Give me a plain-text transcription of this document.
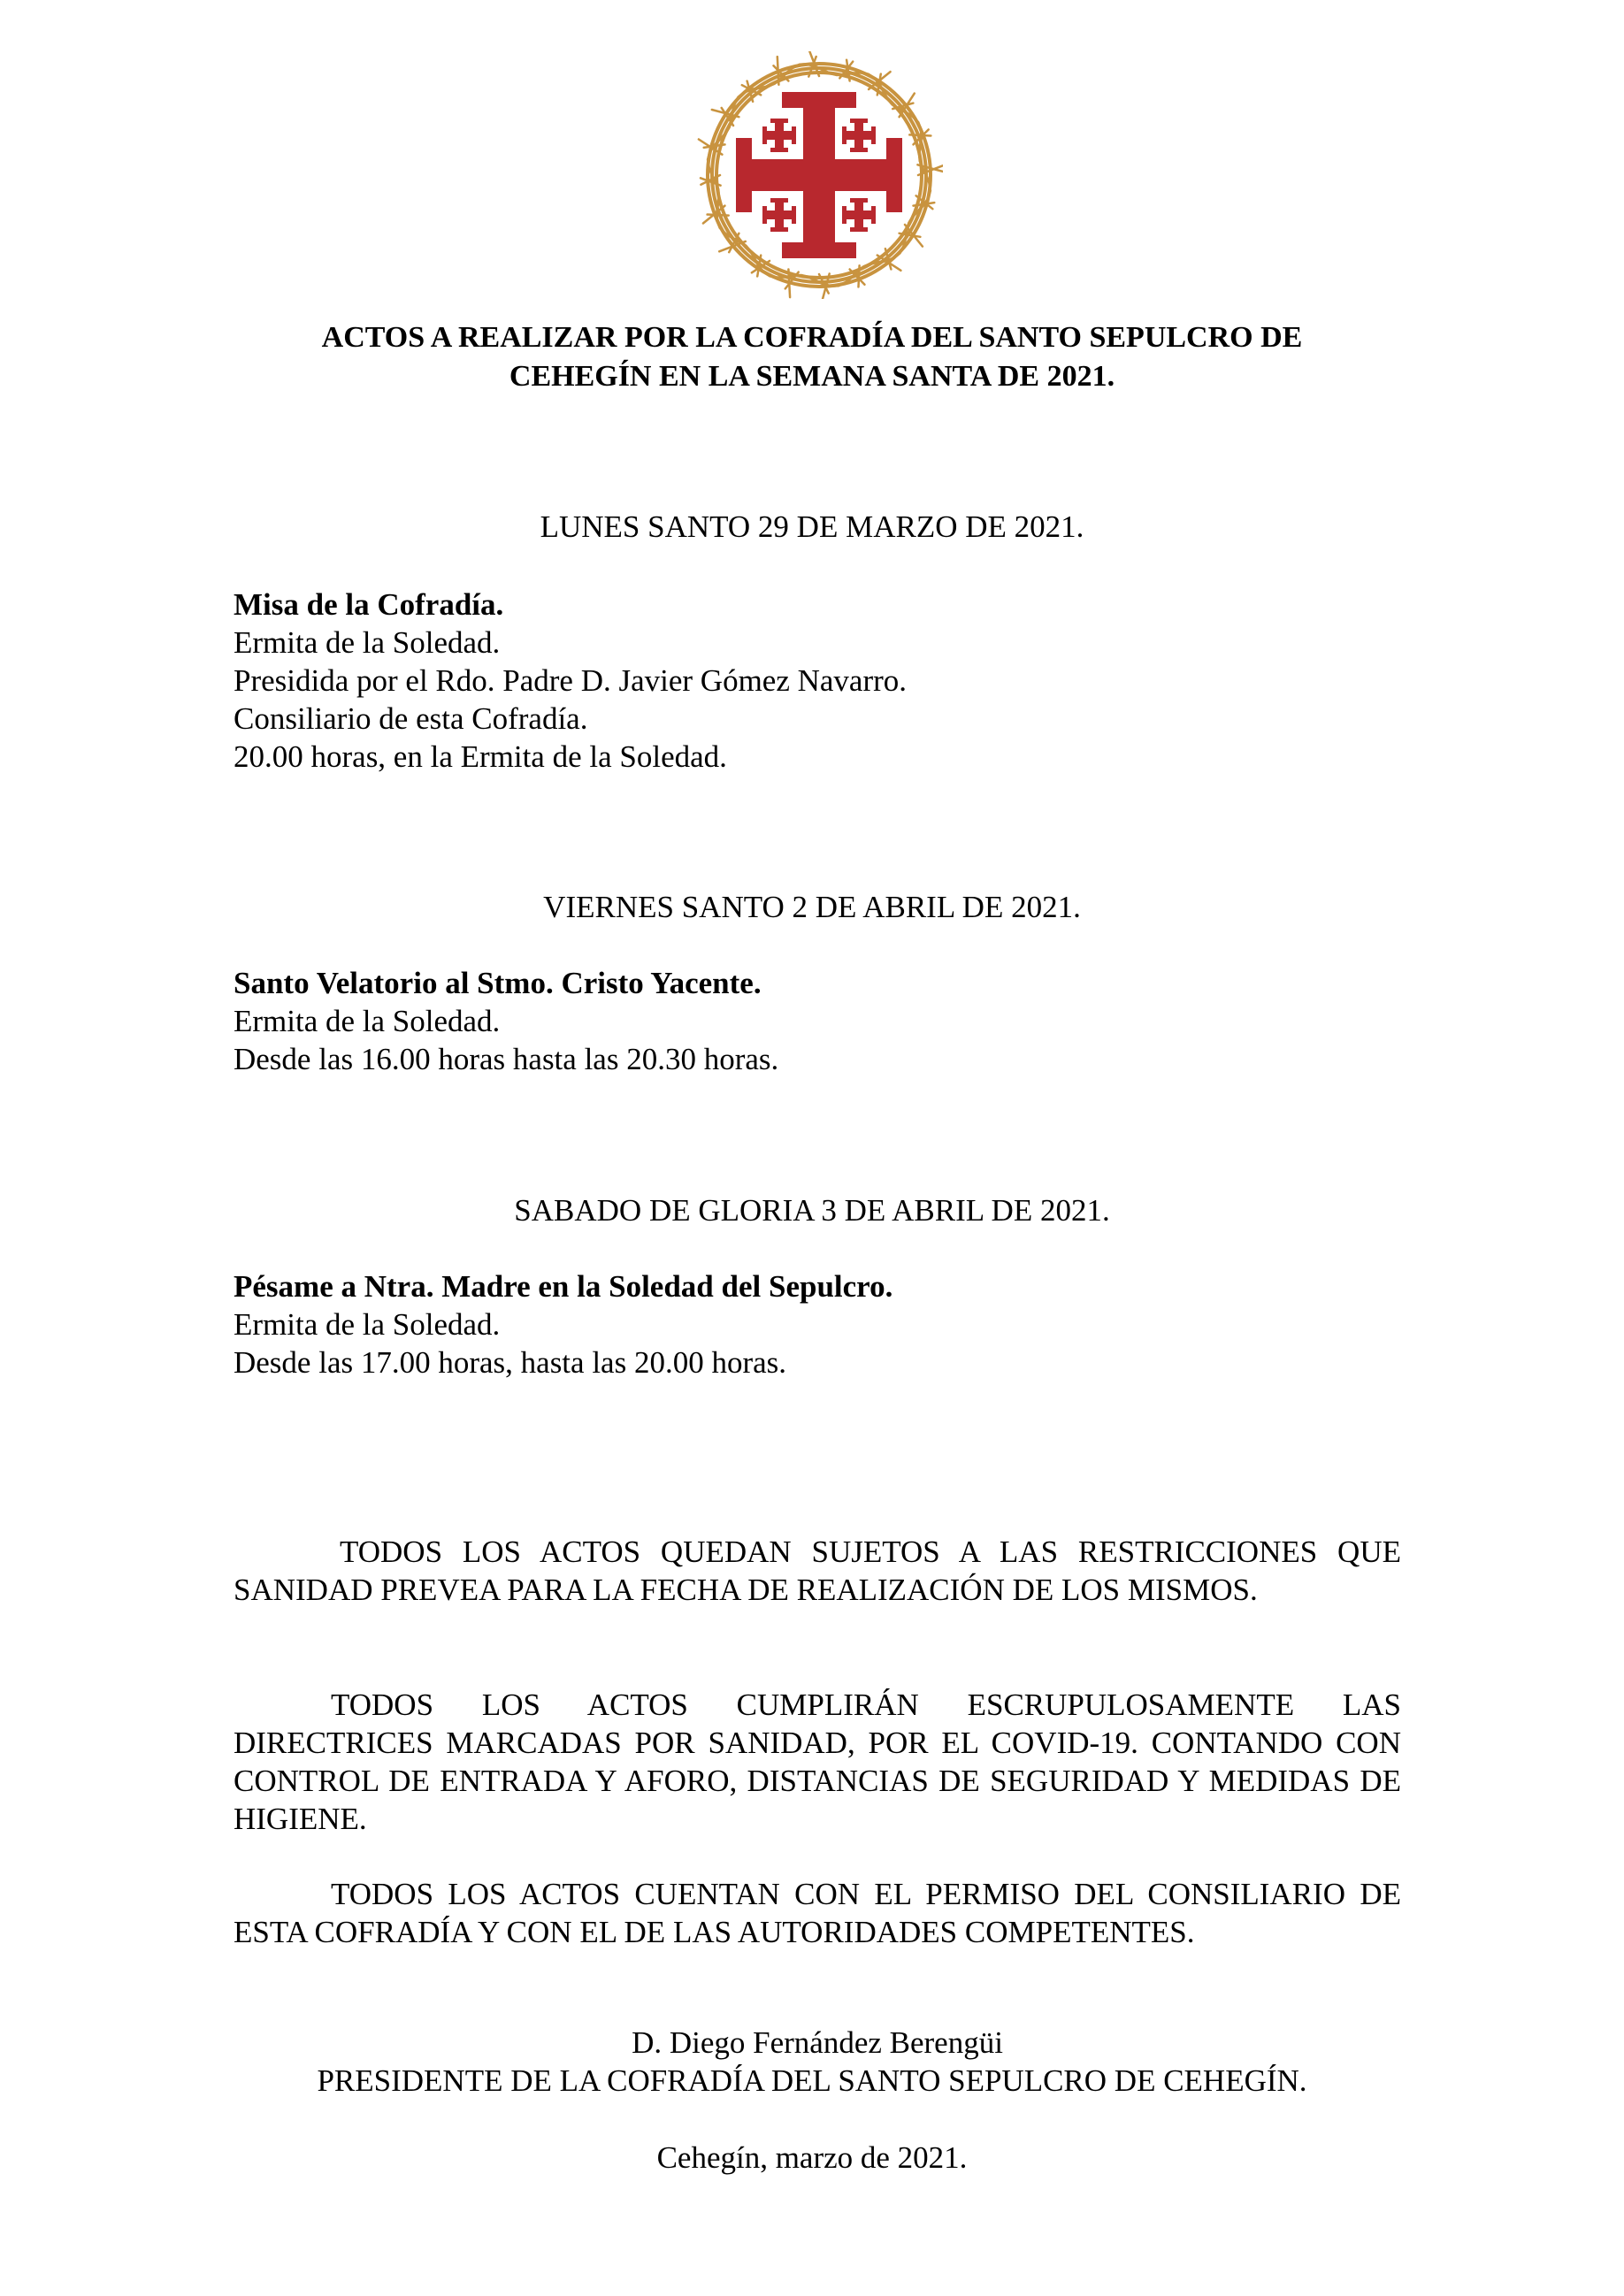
ACTOS A REALIZAR POR LA COFRADÍA DEL SANTO SEPULCRO DE
CEHEGÍN EN LA SEMANA SANTA DE 2021.

LUNES SANTO 29 DE MARZO DE 2021.

Misa de la Cofradía.
Ermita de la Soledad.
Presidida por el Rdo. Padre D. Javier Gómez Navarro.
Consiliario de esta Cofradía.
20.00 horas, en la Ermita de la Soledad.

VIERNES SANTO 2 DE ABRIL DE 2021.

Santo Velatorio al Stmo. Cristo Yacente.
Ermita de la Soledad.
Desde las 16.00 horas hasta las 20.30 horas.

SABADO DE GLORIA 3 DE ABRIL DE 2021.

Pésame a Ntra. Madre en la Soledad del Sepulcro.
Ermita de la Soledad.
Desde las 17.00 horas, hasta las 20.00 horas.

TODOS LOS ACTOS QUEDAN SUJETOS A LAS RESTRICCIONES QUE SANIDAD PREVEA PARA LA FECHA DE REALIZACIÓN DE LOS MISMOS.

TODOS LOS ACTOS CUMPLIRÁN ESCRUPULOSAMENTE LAS DIRECTRICES MARCADAS POR SANIDAD, POR EL COVID-19. CONTANDO CON CONTROL DE ENTRADA Y AFORO, DISTANCIAS DE SEGURIDAD Y MEDIDAS DE HIGIENE.

TODOS LOS ACTOS CUENTAN CON EL PERMISO DEL CONSILIARIO DE ESTA COFRADÍA Y CON EL DE LAS AUTORIDADES COMPETENTES.

D. Diego Fernández Berengüi
PRESIDENTE DE LA COFRADÍA DEL SANTO SEPULCRO DE CEHEGÍN.

Cehegín, marzo de 2021.
